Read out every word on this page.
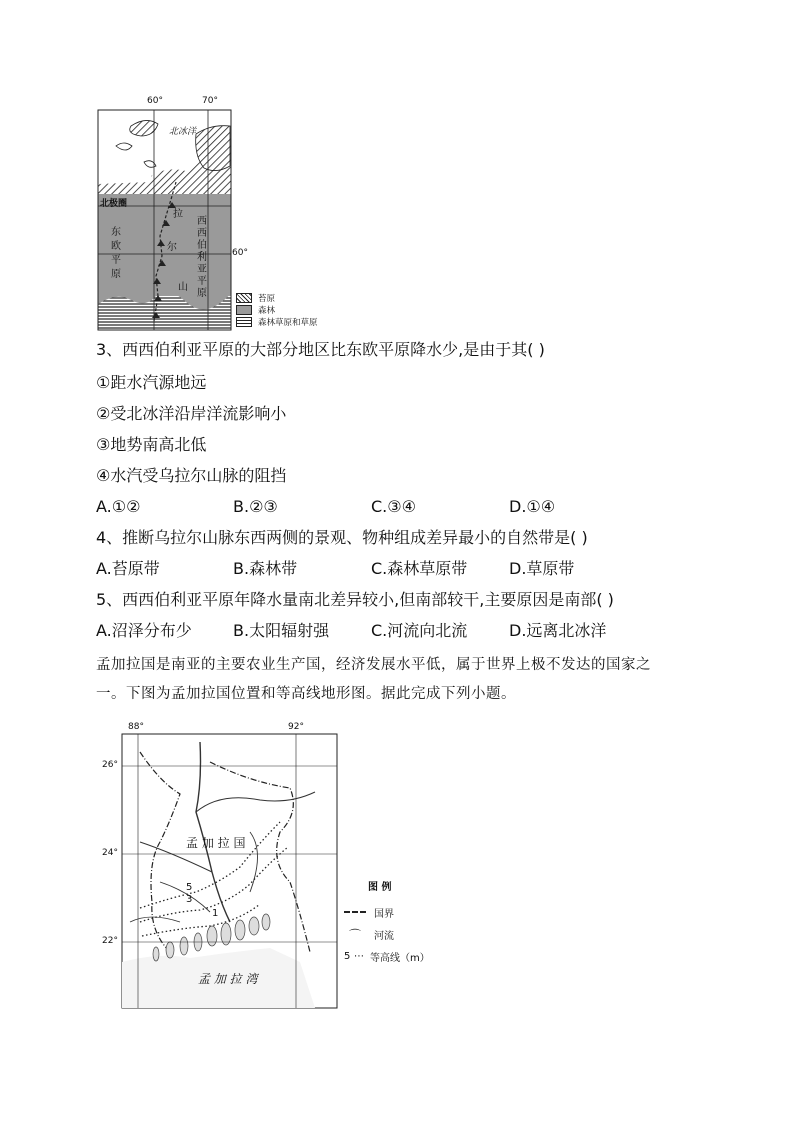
60°	70°
60°
北冰洋
北极圈
东
欧
平
原
拉
尔
山
西
西
伯
利
亚
平
原	苔原
森林
森林草原和草原
3、西西伯利亚平原的大部分地区比东欧平原降水少,是由于其( )
①距水汽源地远
②受北冰洋沿岸洋流影响小
③地势南高北低
④水汽受乌拉尔山脉的阻挡
A.①②	B.②③	C.③④	D.①④
4、推断乌拉尔山脉东西两侧的景观、物种组成差异最小的自然带是( )
A.苔原带	B.森林带	C.森林草原带	D.草原带
5、西西伯利亚平原年降水量南北差异较小,但南部较干,主要原因是南部( )
A.沼泽分布少	B.太阳辐射强	C.河流向北流	D.远离北冰洋
孟加拉国是南亚的主要农业生产国，经济发展水平低，属于世界上极不发达的国家之
一。下图为孟加拉国位置和等高线地形图。据此完成下列小题。
88°	92°
26°
24°
22°
孟 加 拉 国
孟 加 拉 湾
5
3
1
图 例
国界
⌒	河流
5 ⋯ 等高线（m）
